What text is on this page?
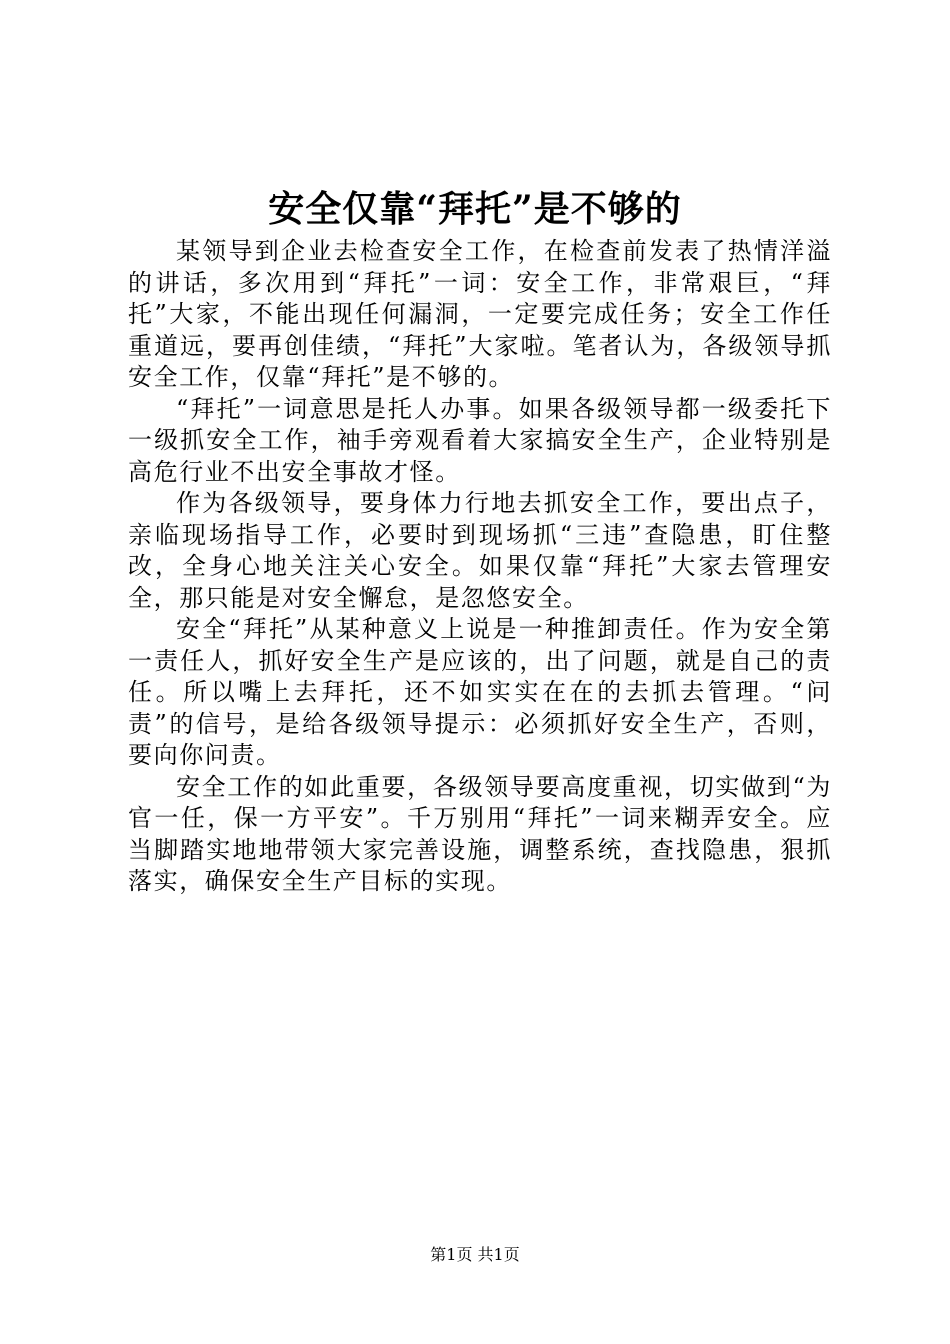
安全仅靠“拜托”是不够的

某领导到企业去检查安全工作，在检查前发表了热情洋溢的讲话，多次用到“拜托”一词：安全工作，非常艰巨，“拜托”大家，不能出现任何漏洞，一定要完成任务；安全工作任重道远，要再创佳绩，“拜托”大家啦。笔者认为，各级领导抓安全工作，仅靠“拜托”是不够的。

“拜托”一词意思是托人办事。如果各级领导都一级委托下一级抓安全工作，袖手旁观看着大家搞安全生产，企业特别是高危行业不出安全事故才怪。

作为各级领导，要身体力行地去抓安全工作，要出点子，亲临现场指导工作，必要时到现场抓“三违”查隐患，盯住整改，全身心地关注关心安全。如果仅靠“拜托”大家去管理安全，那只能是对安全懈怠，是忽悠安全。

安全“拜托”从某种意义上说是一种推卸责任。作为安全第一责任人，抓好安全生产是应该的，出了问题，就是自己的责任。所以嘴上去拜托，还不如实实在在的去抓去管理。“问责”的信号，是给各级领导提示：必须抓好安全生产，否则，要向你问责。

安全工作的如此重要，各级领导要高度重视，切实做到“为官一任，保一方平安”。千万别用“拜托”一词来糊弄安全。应当脚踏实地地带领大家完善设施，调整系统，查找隐患，狠抓落实，确保安全生产目标的实现。

第1页 共1页
